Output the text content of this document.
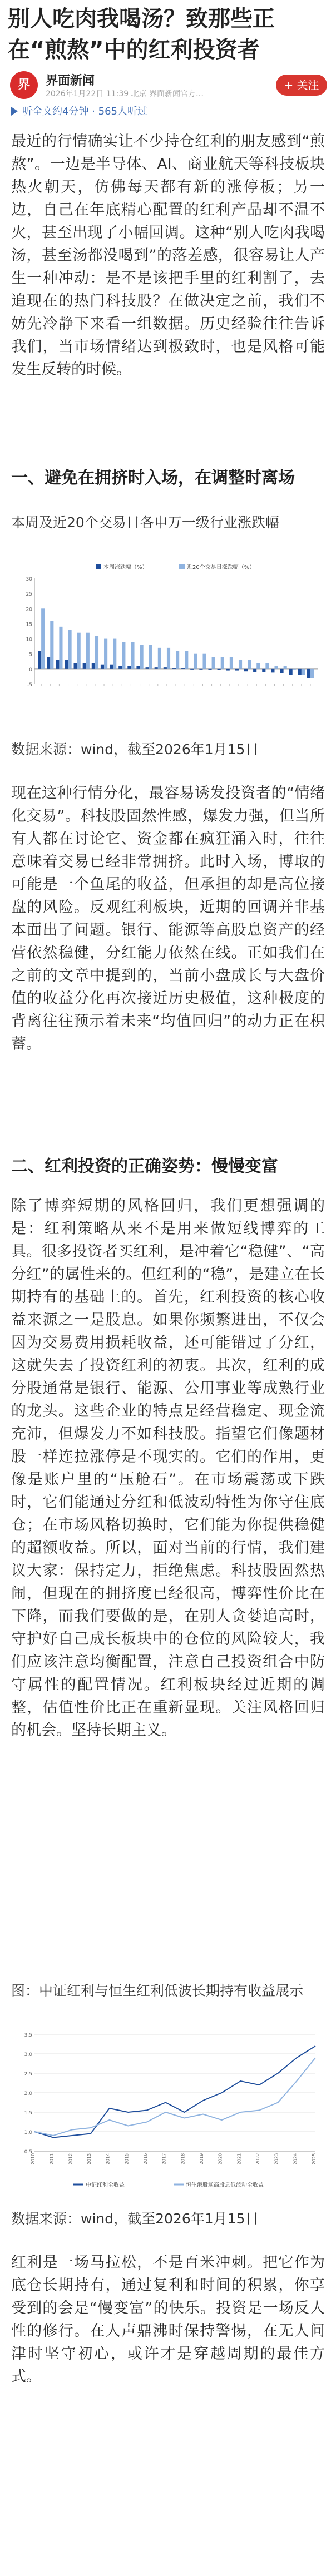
别人吃肉我喝汤？致那些正在“煎熬”中的红利投资者
界	界面新闻
2026年1月22日 11:39 北京 界面新闻官方…
+ 关注
听全文约4分钟 · 565人听过

最近的行情确实让不少持仓红利的朋友感到“煎熬”。一边是半导体、AI、商业航天等科技板块热火朝天，仿佛每天都有新的涨停板；另一边，自己在年底精心配置的红利产品却不温不火，甚至出现了小幅回调。这种“别人吃肉我喝汤，甚至汤都没喝到”的落差感，很容易让人产生一种冲动：是不是该把手里的红利割了，去追现在的热门科技股？在做决定之前，我们不妨先冷静下来看一组数据。历史经验往往告诉我们，当市场情绪达到极致时，也是风格可能发生反转的时候。

一、避免在拥挤时入场，在调整时离场

本周及近20个交易日各申万一级行业涨跌幅

-5
0
5
10
15
20
25
30
本周涨跌幅（%）	近20个交易日涨跌幅（%）

数据来源：wind，截至2026年1月15日

现在这种行情分化，最容易诱发投资者的“情绪化交易”。科技股固然性感，爆发力强，但当所有人都在讨论它、资金都在疯狂涌入时，往往意味着交易已经非常拥挤。此时入场，博取的可能是一个鱼尾的收益，但承担的却是高位接盘的风险。反观红利板块，近期的回调并非基本面出了问题。银行、能源等高股息资产的经营依然稳健，分红能力依然在线。正如我们在之前的文章中提到的，当前小盘成长与大盘价值的收益分化再次接近历史极值，这种极度的背离往往预示着未来“均值回归”的动力正在积蓄。

二、红利投资的正确姿势：慢慢变富

除了博弈短期的风格回归，我们更想强调的是：红利策略从来不是用来做短线博弈的工具。很多投资者买红利，是冲着它“稳健”、“高分红”的属性来的。但红利的“稳”，是建立在长期持有的基础上的。首先，红利投资的核心收益来源之一是股息。如果你频繁进出，不仅会因为交易费用损耗收益，还可能错过了分红，这就失去了投资红利的初衷。其次，红利的成分股通常是银行、能源、公用事业等成熟行业的龙头。这些企业的特点是经营稳定、现金流充沛，但爆发力不如科技股。指望它们像题材股一样连拉涨停是不现实的。它们的作用，更像是账户里的“压舱石”。在市场震荡或下跌时，它们能通过分红和低波动特性为你守住底仓；在市场风格切换时，它们能为你提供稳健的超额收益。所以，面对当前的行情，我们建议大家：保持定力，拒绝焦虑。科技股固然热闹，但现在的拥挤度已经很高，博弈性价比在下降，而我们要做的是，在别人贪婪追高时，守护好自己成长板块中的仓位的风险较大，我们应该注意均衡配置，注意自己投资组合中防守属性的配置情况。红利板块经过近期的调整，估值性价比正在重新显现。关注风格回归的机会。坚持长期主义。

图：中证红利与恒生红利低波长期持有收益展示

0.5
1.0
1.5
2.0
2.5
3.0
3.5
2010	2011	2012	2013	2014	2015	2016	2017	2018	2019	2020	2021	2022	2023	2024	2025
中证红利全收益	恒生港股通高股息低波动全收益

数据来源：wind，截至2026年1月15日

红利是一场马拉松，不是百米冲刺。把它作为底仓长期持有，通过复利和时间的积累，你享受到的会是“慢变富”的快乐。投资是一场反人性的修行。在人声鼎沸时保持警惕，在无人问津时坚守初心，或许才是穿越周期的最佳方式。
